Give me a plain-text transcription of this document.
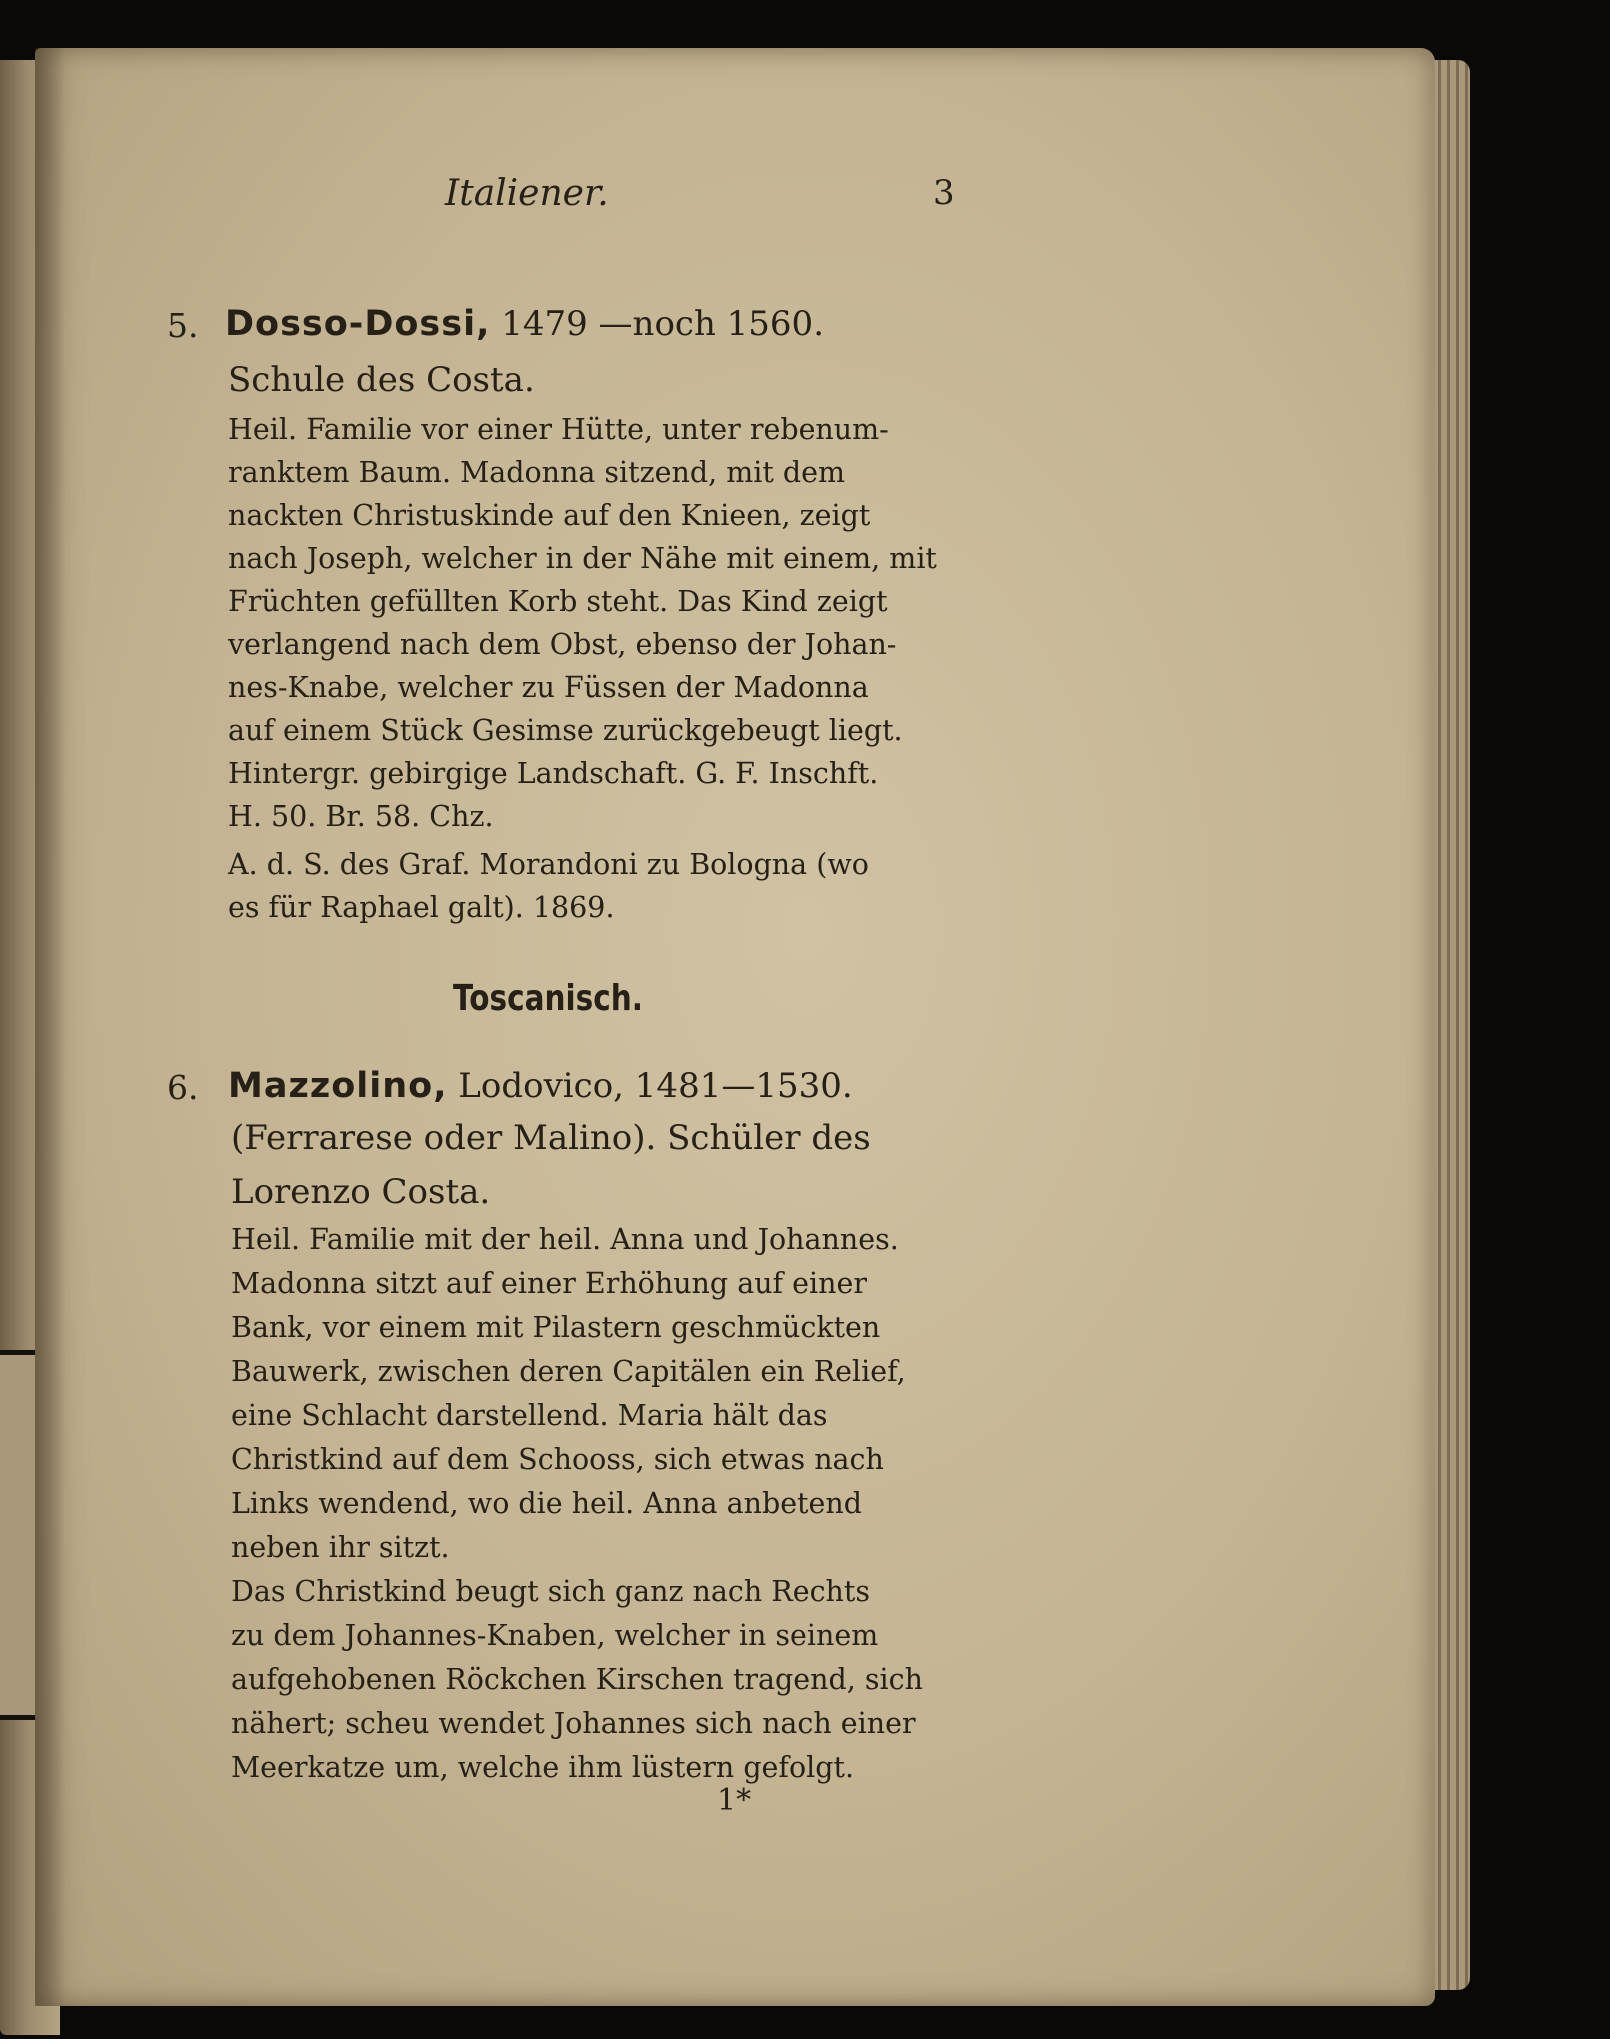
Italiener.	3

5. Dosso-Dossi, 1479 —noch 1560.

Schule des Costa.

Heil. Familie vor einer Hütte, unter rebenum-

ranktem Baum. Madonna sitzend, mit dem

nackten Christuskinde auf den Knieen, zeigt

nach Joseph, welcher in der Nähe mit einem, mit

Früchten gefüllten Korb steht. Das Kind zeigt

verlangend nach dem Obst, ebenso der Johan-

nes-Knabe, welcher zu Füssen der Madonna

auf einem Stück Gesimse zurückgebeugt liegt.

Hintergr. gebirgige Landschaft. G. F. Inschft.

H. 50. Br. 58. Chz.

A. d. S. des Graf. Morandoni zu Bologna (wo

es für Raphael galt). 1869.

Toscanisch.

6. Mazzolino, Lodovico, 1481—1530.

(Ferrarese oder Malino). Schüler des

Lorenzo Costa.

Heil. Familie mit der heil. Anna und Johannes.

Madonna sitzt auf einer Erhöhung auf einer

Bank, vor einem mit Pilastern geschmückten

Bauwerk, zwischen deren Capitälen ein Relief,

eine Schlacht darstellend. Maria hält das

Christkind auf dem Schooss, sich etwas nach

Links wendend, wo die heil. Anna anbetend

neben ihr sitzt.

Das Christkind beugt sich ganz nach Rechts

zu dem Johannes-Knaben, welcher in seinem

aufgehobenen Röckchen Kirschen tragend, sich

nähert; scheu wendet Johannes sich nach einer

Meerkatze um, welche ihm lüstern gefolgt.

1*
